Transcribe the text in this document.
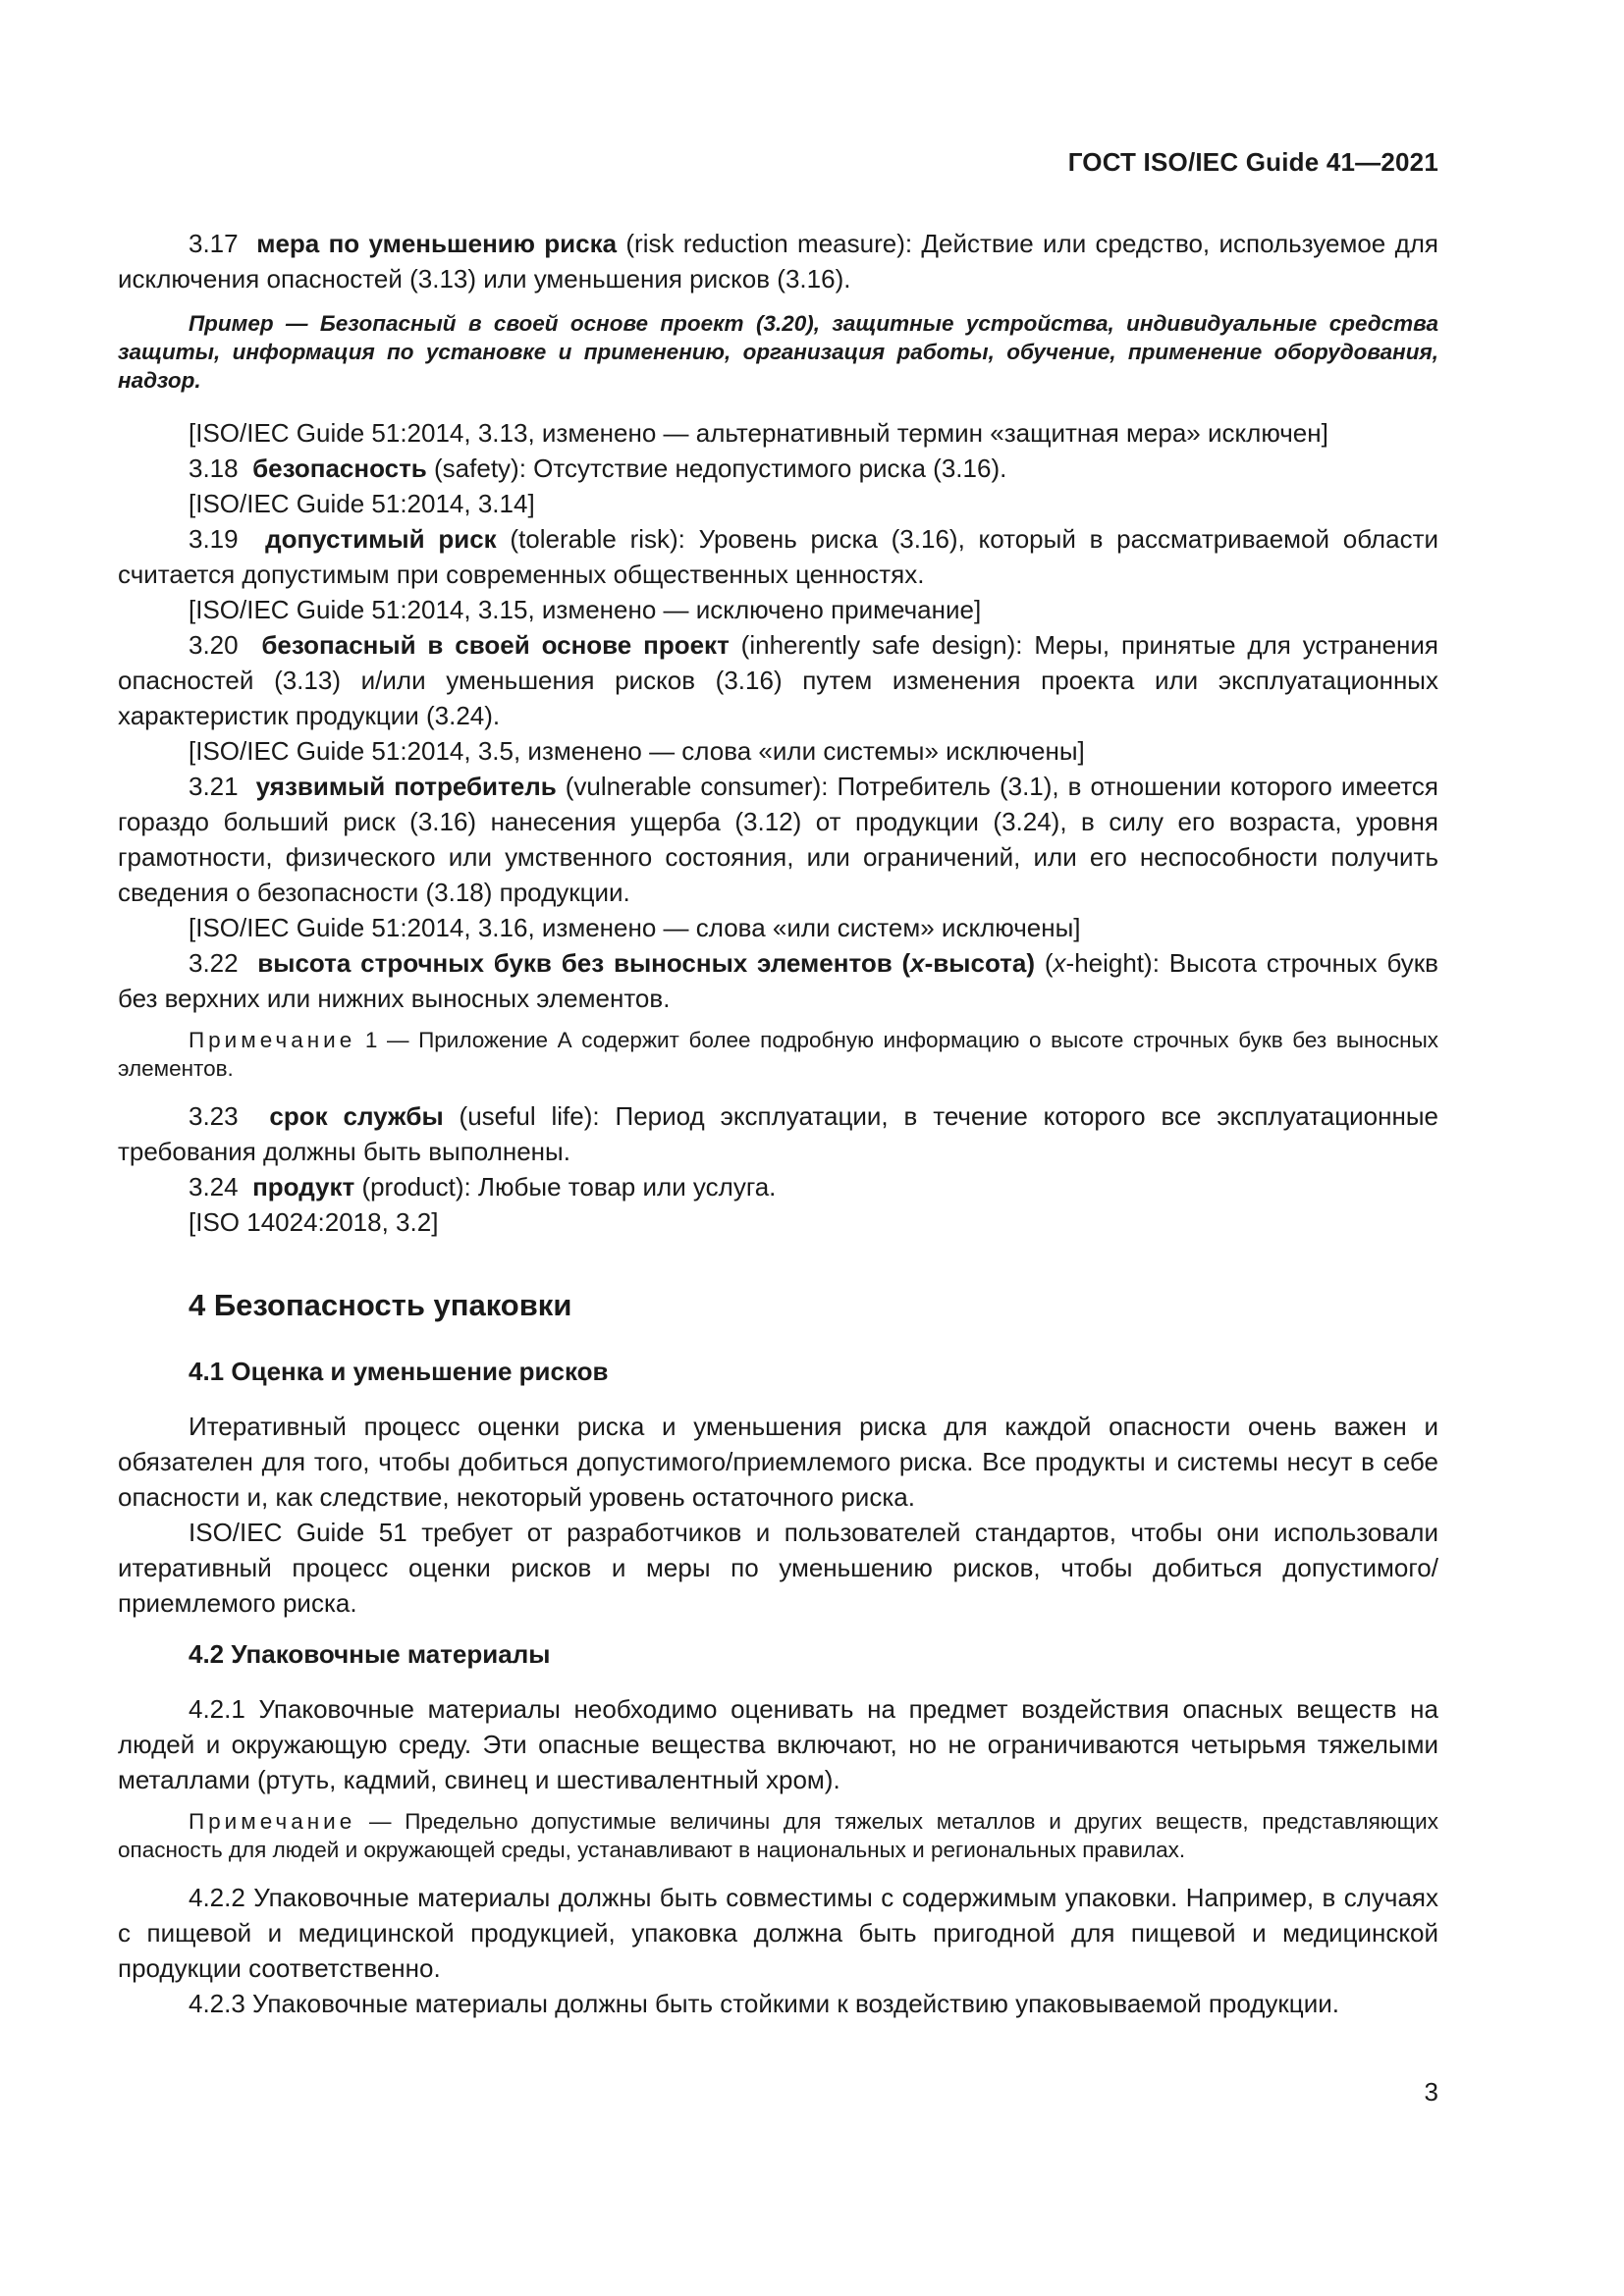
ГОСТ ISO/IEC Guide 41—2021

3.17 мера по уменьшению риска (risk reduction measure): Действие или средство, используемое для исключения опасностей (3.13) или уменьшения рисков (3.16).

Пример — Безопасный в своей основе проект (3.20), защитные устройства, индивидуальные средства защиты, информация по установке и применению, организация работы, обучение, применение оборудования, надзор.

[ISO/IEC Guide 51:2014, 3.13, изменено — альтернативный термин «защитная мера» исключен]

3.18 безопасность (safety): Отсутствие недопустимого риска (3.16).

[ISO/IEC Guide 51:2014, 3.14]

3.19 допустимый риск (tolerable risk): Уровень риска (3.16), который в рассматриваемой области считается допустимым при современных общественных ценностях.

[ISO/IEC Guide 51:2014, 3.15, изменено — исключено примечание]

3.20 безопасный в своей основе проект (inherently safe design): Меры, принятые для устранения опасностей (3.13) и/или уменьшения рисков (3.16) путем изменения проекта или эксплуатационных характеристик продукции (3.24).

[ISO/IEC Guide 51:2014, 3.5, изменено — слова «или системы» исключены]

3.21 уязвимый потребитель (vulnerable consumer): Потребитель (3.1), в отношении которого имеется гораздо больший риск (3.16) нанесения ущерба (3.12) от продукции (3.24), в силу его возраста, уровня грамотности, физического или умственного состояния, или ограничений, или его неспособности получить сведения о безопасности (3.18) продукции.

[ISO/IEC Guide 51:2014, 3.16, изменено — слова «или систем» исключены]

3.22 высота строчных букв без выносных элементов (x-высота) (x-height): Высота строчных букв без верхних или нижних выносных элементов.

Примечание 1 — Приложение А содержит более подробную информацию о высоте строчных букв без выносных элементов.

3.23 срок службы (useful life): Период эксплуатации, в течение которого все эксплуатационные требования должны быть выполнены.

3.24 продукт (product): Любые товар или услуга.

[ISO 14024:2018, 3.2]

4 Безопасность упаковки

4.1 Оценка и уменьшение рисков

Итеративный процесс оценки риска и уменьшения риска для каждой опасности очень важен и обязателен для того, чтобы добиться допустимого/приемлемого риска. Все продукты и системы несут в себе опасности и, как следствие, некоторый уровень остаточного риска.

ISO/IEC Guide 51 требует от разработчиков и пользователей стандартов, чтобы они использовали итеративный процесс оценки рисков и меры по уменьшению рисков, чтобы добиться допустимого/приемлемого риска.

4.2 Упаковочные материалы

4.2.1 Упаковочные материалы необходимо оценивать на предмет воздействия опасных веществ на людей и окружающую среду. Эти опасные вещества включают, но не ограничиваются четырьмя тяжелыми металлами (ртуть, кадмий, свинец и шестивалентный хром).

Примечание — Предельно допустимые величины для тяжелых металлов и других веществ, представляющих опасность для людей и окружающей среды, устанавливают в национальных и региональных правилах.

4.2.2 Упаковочные материалы должны быть совместимы с содержимым упаковки. Например, в случаях с пищевой и медицинской продукцией, упаковка должна быть пригодной для пищевой и медицинской продукции соответственно.

4.2.3 Упаковочные материалы должны быть стойкими к воздействию упаковываемой продукции.

3
